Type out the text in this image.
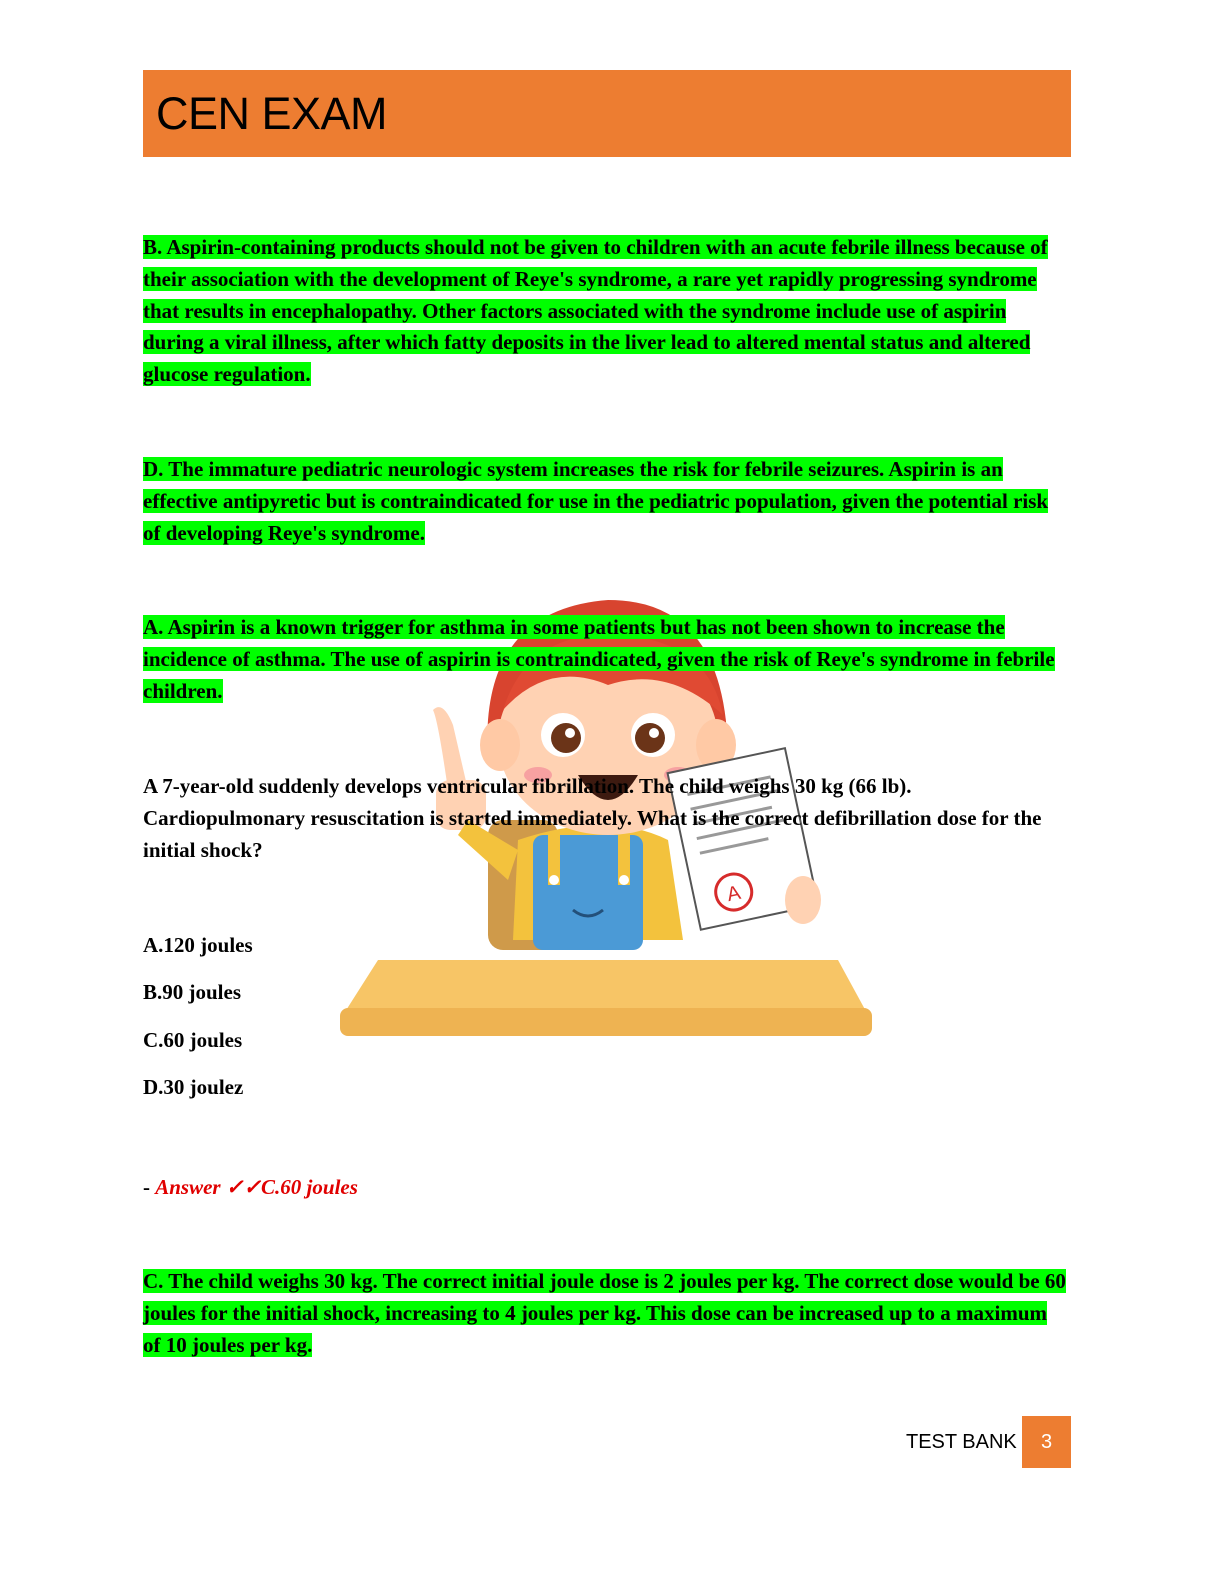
CEN EXAM
A
B. Aspirin-containing products should not be given to children with an acute febrile illness because of their association with the development of Reye's syndrome, a rare yet rapidly progressing syndrome that results in encephalopathy. Other factors associated with the syndrome include use of aspirin during a viral illness, after which fatty deposits in the liver lead to altered mental status and altered glucose regulation.
D. The immature pediatric neurologic system increases the risk for febrile seizures. Aspirin is an effective antipyretic but is contraindicated for use in the pediatric population, given the potential risk of developing Reye's syndrome.
A. Aspirin is a known trigger for asthma in some patients but has not been shown to increase the incidence of asthma. The use of aspirin is contraindicated, given the risk of Reye's syndrome in febrile children.
A 7-year-old suddenly develops ventricular fibrillation. The child weighs 30 kg (66 lb). Cardiopulmonary resuscitation is started immediately. What is the correct defibrillation dose for the initial shock?
A.120 joules
B.90 joules
C.60 joules
D.30 joulez
- Answer ✓✓C.60 joules
C. The child weighs 30 kg. The correct initial joule dose is 2 joules per kg. The correct dose would be 60 joules for the initial shock, increasing to 4 joules per kg. This dose can be increased up to a maximum of 10 joules per kg.
TEST BANK	3
